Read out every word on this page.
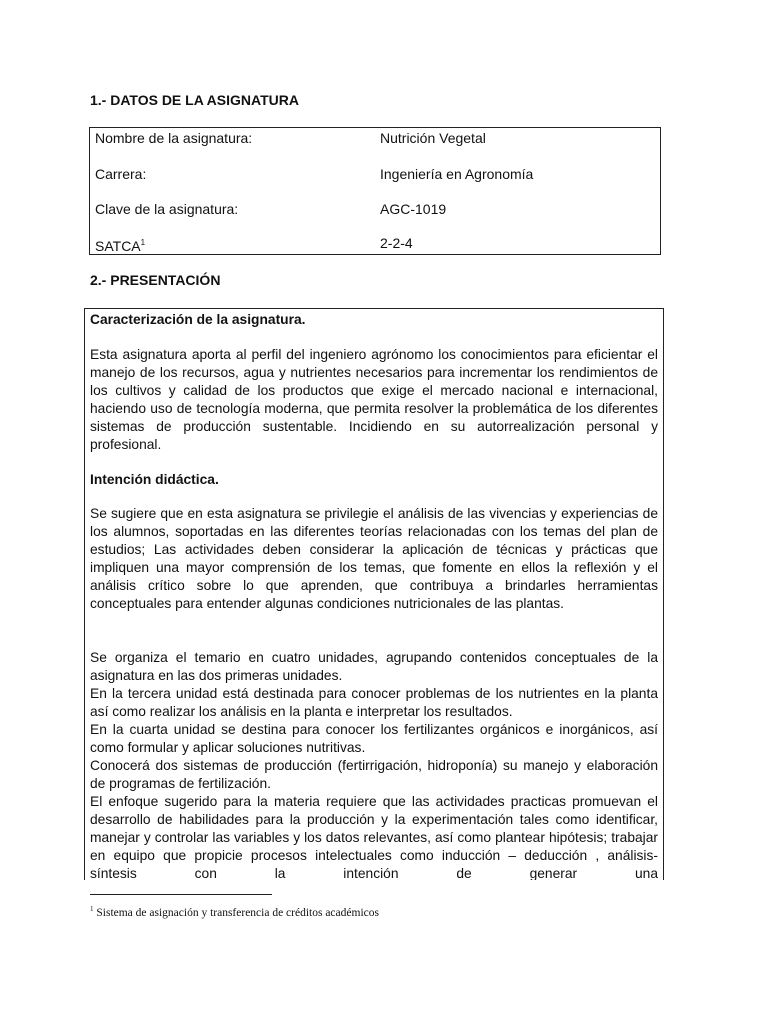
1.- DATOS DE LA ASIGNATURA
Nombre de la asignatura:	Nutrición Vegetal
Carrera:	Ingeniería en Agronomía
Clave de la asignatura:	AGC-1019
SATCA$^1$	2-2-4
2.- PRESENTACIÓN

Caracterización de la asignatura.

Esta asignatura aporta al perfil del ingeniero agrónomo los conocimientos para eficientar el manejo de los recursos, agua y nutrientes necesarios para incrementar los rendimientos de los cultivos y calidad de los productos que exige el mercado nacional e internacional, haciendo uso de tecnología moderna, que permita resolver la problemática de los diferentes sistemas de producción sustentable. Incidiendo en su autorrealización personal y profesional.

Intención didáctica.

Se sugiere que en esta asignatura se privilegie el análisis de las vivencias y experiencias de los alumnos, soportadas en las diferentes teorías relacionadas con los temas del plan de estudios; Las actividades deben considerar la aplicación de técnicas y prácticas que impliquen una mayor comprensión de los temas, que fomente en ellos la reflexión y el análisis crítico sobre lo que aprenden, que contribuya a brindarles herramientas conceptuales para entender algunas condiciones nutricionales de las plantas.

Se organiza el temario en cuatro unidades, agrupando contenidos conceptuales de la asignatura en las dos primeras unidades.

En la tercera unidad está destinada para conocer problemas de los nutrientes en la planta así como realizar los análisis en la planta e interpretar los resultados.

En la cuarta unidad se destina para conocer los fertilizantes orgánicos e inorgánicos, así como formular y aplicar soluciones nutritivas.

Conocerá dos sistemas de producción (fertirrigación, hidroponía) su manejo y elaboración de programas de fertilización.

El enfoque sugerido para la materia requiere que las actividades practicas promuevan el desarrollo de habilidades para la producción y la experimentación tales como identificar, manejar y controlar las variables y los datos relevantes, así como plantear hipótesis; trabajar en equipo que propicie procesos intelectuales como inducción – deducción , análisis- síntesis con la intención de generar una

$^1$ Sistema de asignación y transferencia de créditos académicos
